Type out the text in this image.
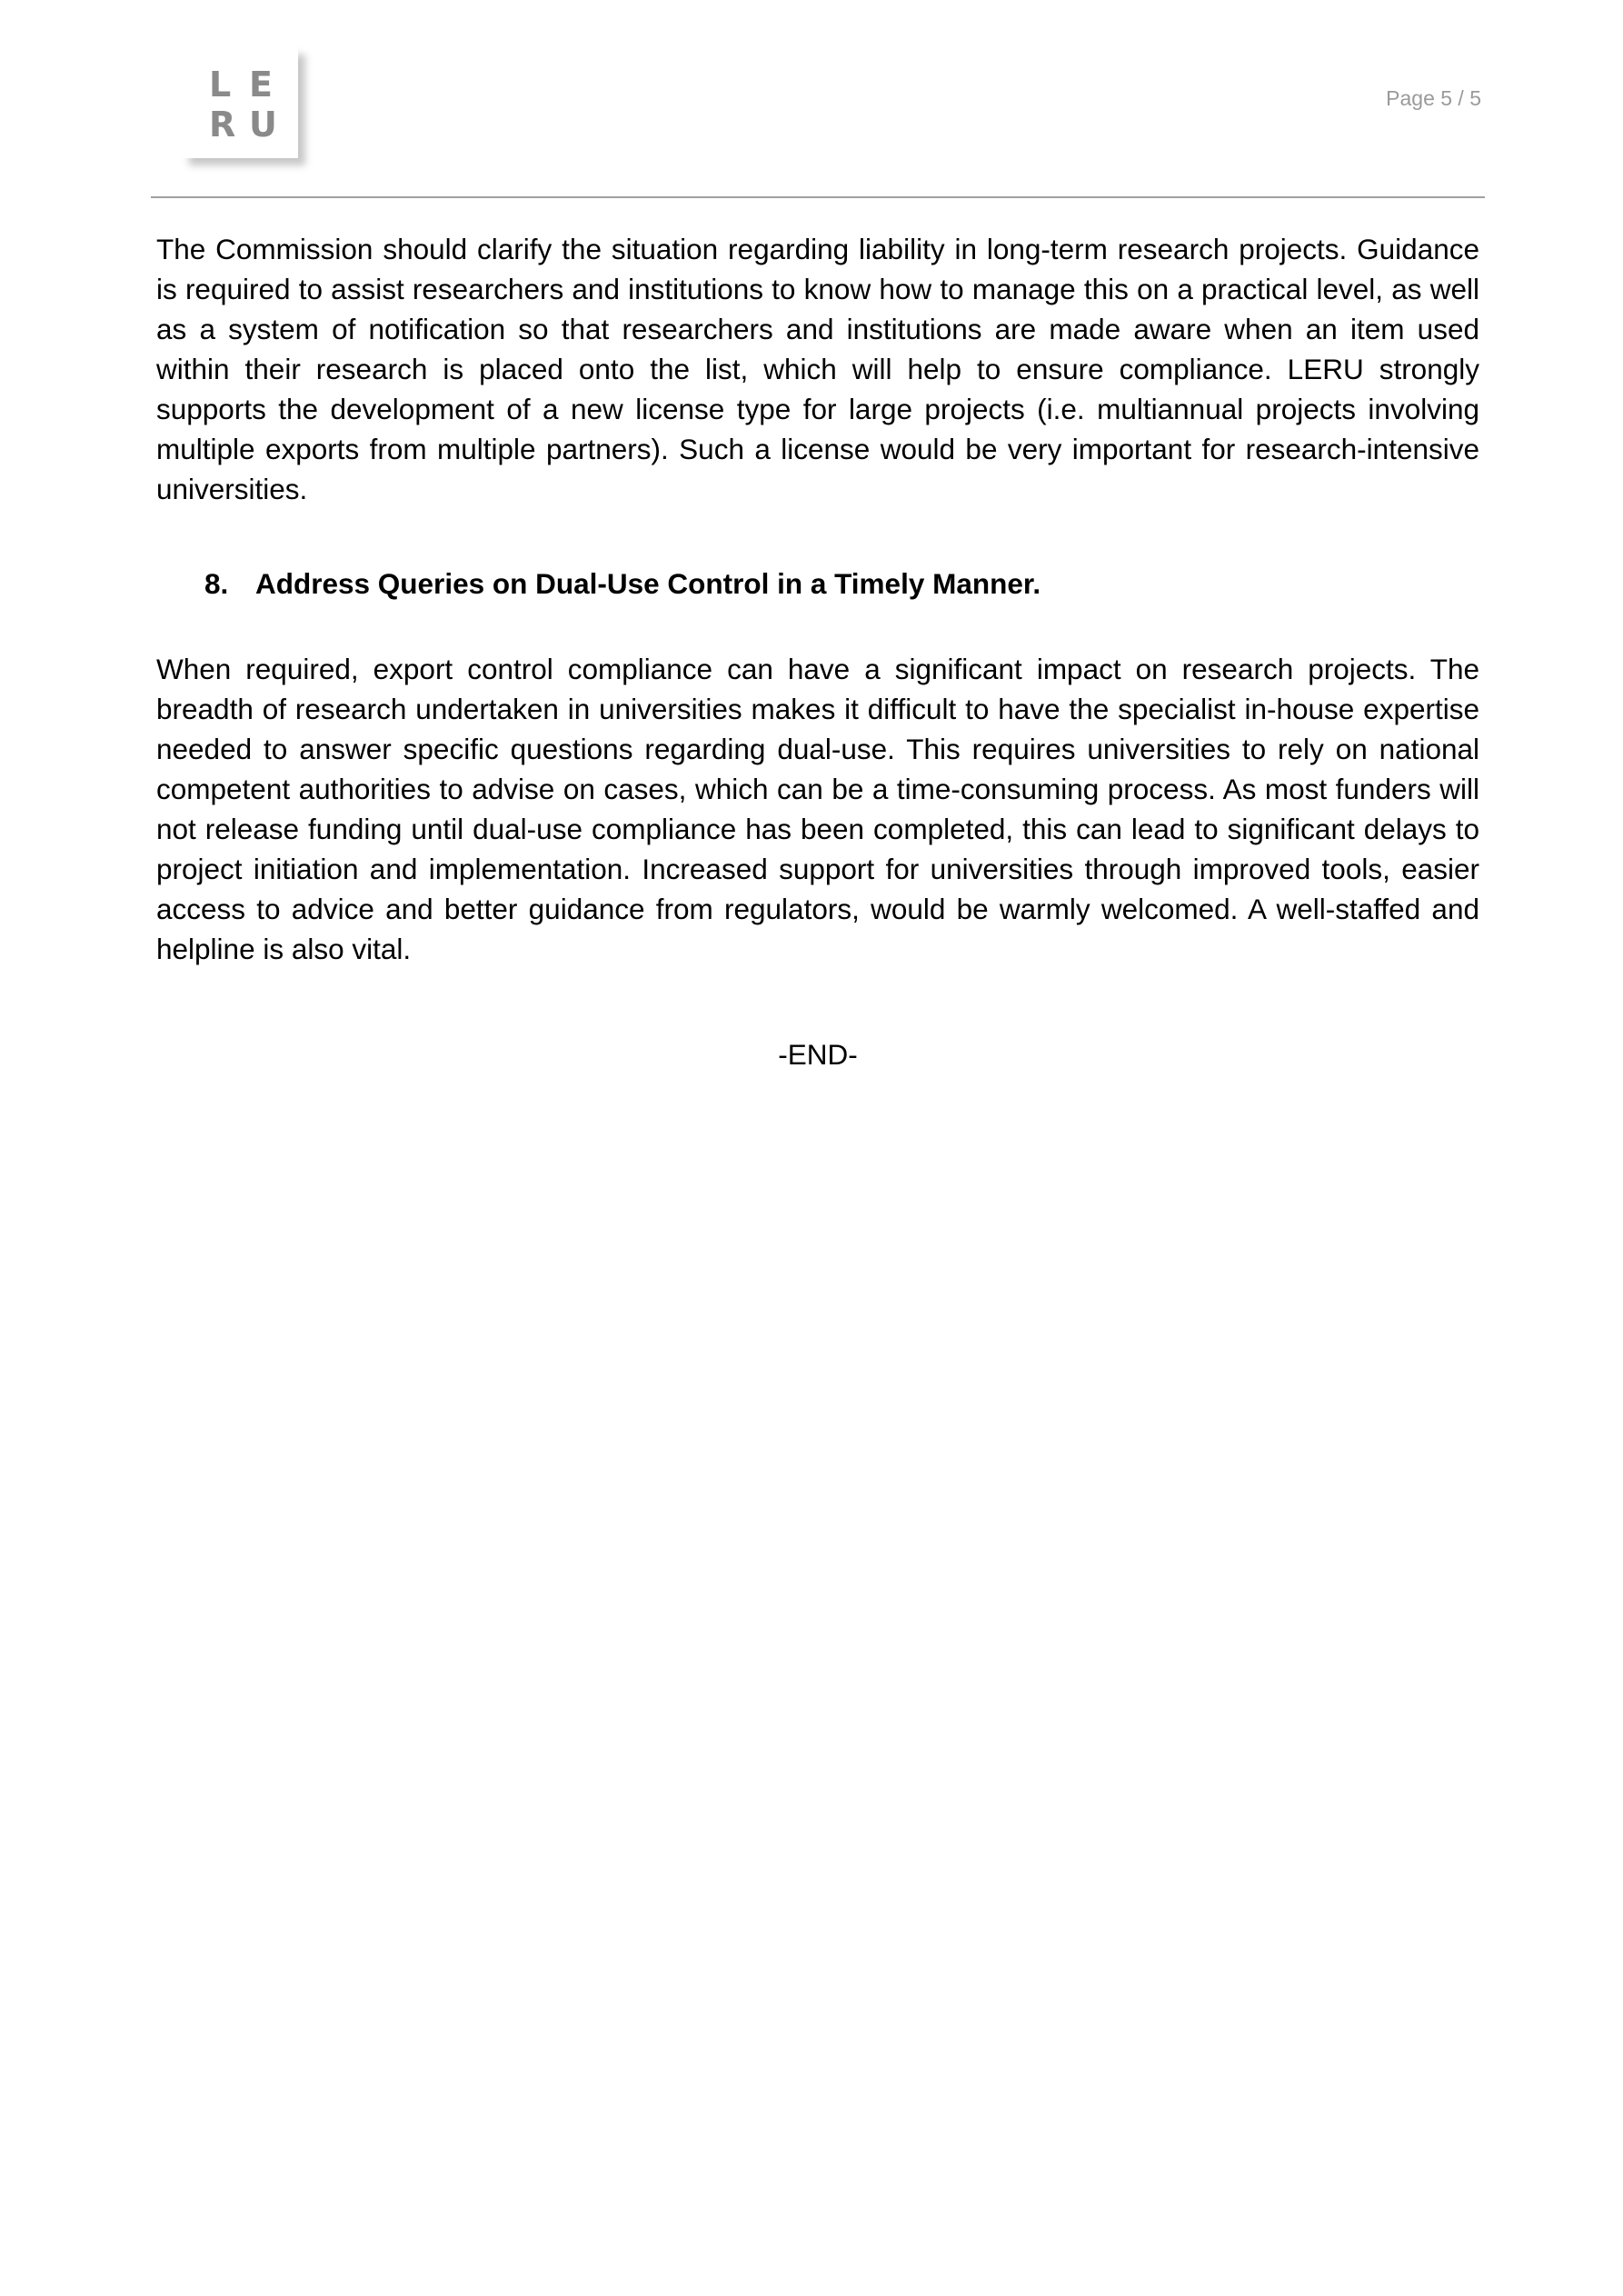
L E
R U
Page 5 / 5

The Commission should clarify the situation regarding liability in long-term research projects. Guidance is required to assist researchers and institutions to know how to manage this on a practical level, as well as a system of notification so that researchers and institutions are made aware when an item used within their research is placed onto the list, which will help to ensure compliance. LERU strongly supports the development of a new license type for large projects (i.e. multiannual projects involving multiple exports from multiple partners). Such a license would be very important for research-intensive universities.

8. Address Queries on Dual-Use Control in a Timely Manner.

When required, export control compliance can have a significant impact on research projects. The breadth of research undertaken in universities makes it difficult to have the specialist in-house expertise needed to answer specific questions regarding dual-use. This requires universities to rely on national competent authorities to advise on cases, which can be a time-consuming process. As most funders will not release funding until dual-use compliance has been completed, this can lead to significant delays to project initiation and implementation. Increased support for universities through improved tools, easier access to advice and better guidance from regulators, would be warmly welcomed. A well-staffed and helpline is also vital.

-END-
